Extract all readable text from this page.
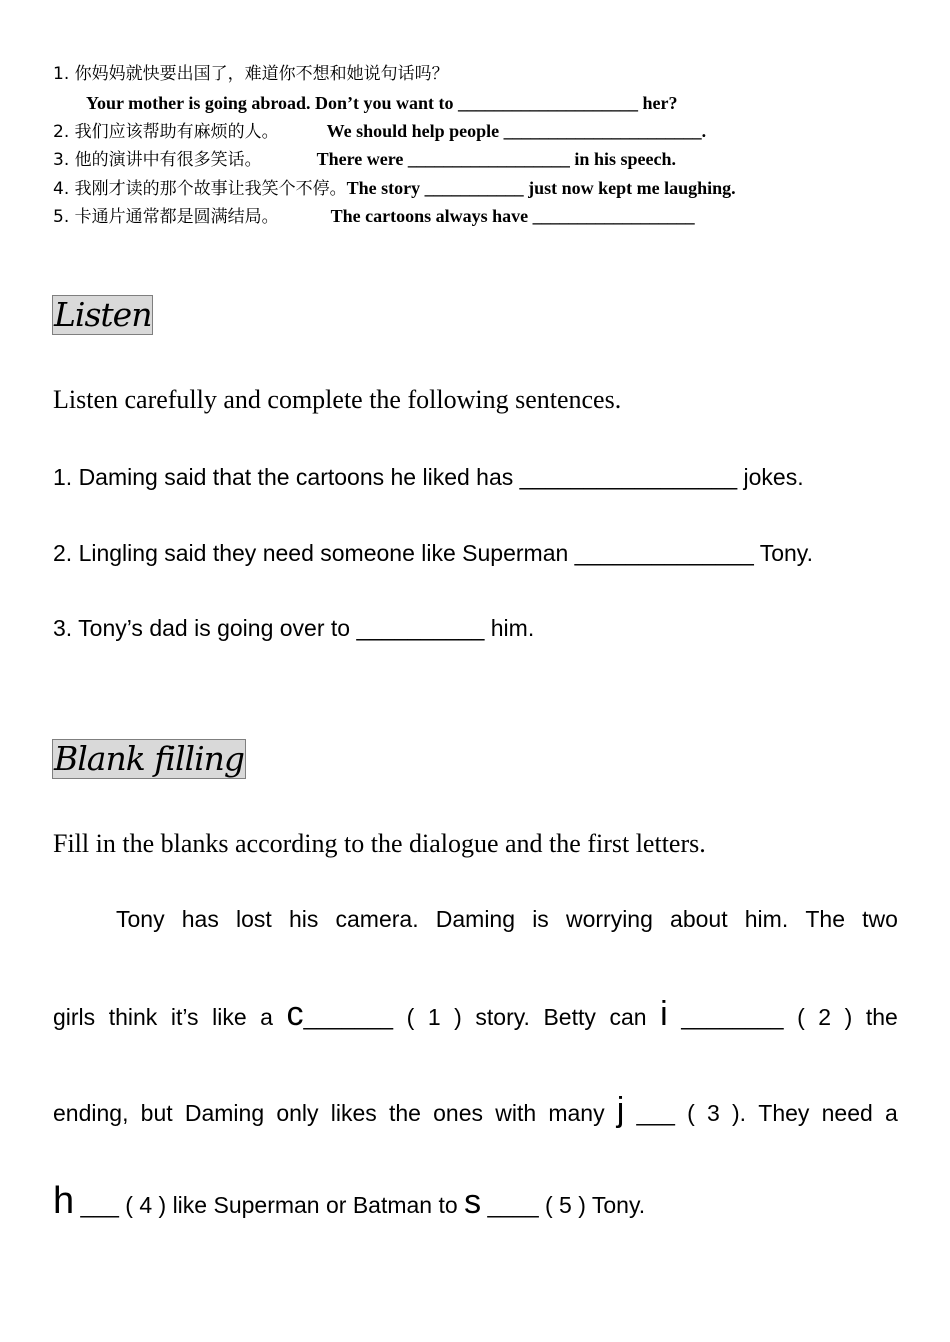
1. 你妈妈就快要出国了，难道你不想和她说句话吗？
Your mother is going abroad. Don’t you want to ____________________ her?
2. 我们应该帮助有麻烦的人。	We should help people ______________________.
3. 他的演讲中有很多笑话。	There were __________________ in his speech.
4. 我刚才读的那个故事让我笑个不停。The story ___________ just now kept me laughing.
5. 卡通片通常都是圆满结局。	The cartoons always have __________________
Listen
Listen carefully and complete the following sentences.
1. Daming said that the cartoons he liked has _________________ jokes.
2. Lingling said they need someone like Superman ______________ Tony.
3. Tony’s dad is going over to __________ him.
Blank filling
Fill in the blanks according to the dialogue and the first letters.
Tony has lost his camera. Daming is worrying about him. The two
girls think it’s like a c_______ ( 1 ) story. Betty can i ________ ( 2 ) the
ending, but Daming only likes the ones with many j ___ ( 3 ). They need a
h
___ ( 4 ) like Superman or Batman to
s
____ ( 5 ) Tony.
